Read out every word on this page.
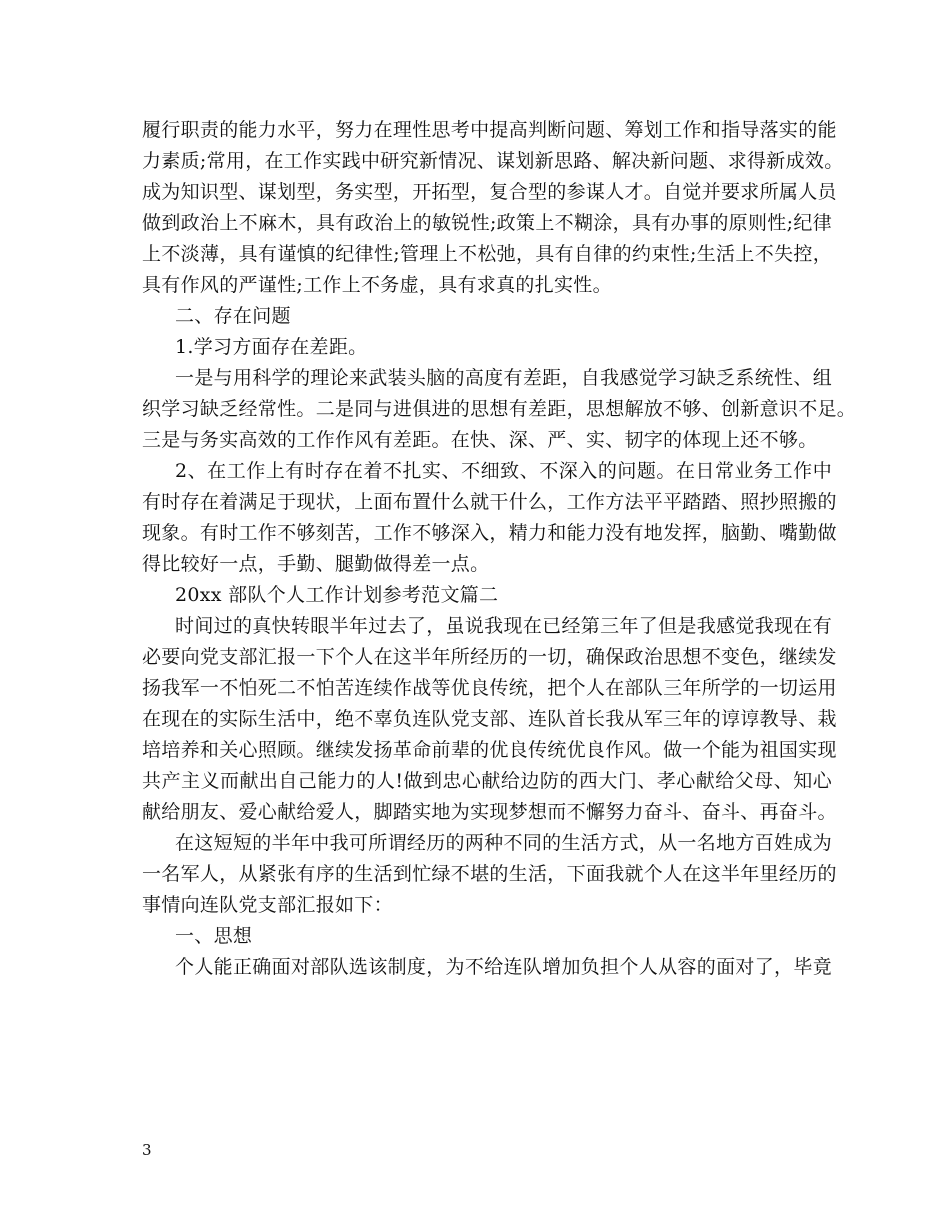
履行职责的能力水平，努力在理性思考中提高判断问题、筹划工作和指导落实的能
力素质;常用，在工作实践中研究新情况、谋划新思路、解决新问题、求得新成效。
成为知识型、谋划型，务实型，开拓型，复合型的参谋人才。自觉并要求所属人员
做到政治上不麻木，具有政治上的敏锐性;政策上不糊涂，具有办事的原则性;纪律
上不淡薄，具有谨慎的纪律性;管理上不松弛，具有自律的约束性;生活上不失控，
具有作风的严谨性;工作上不务虚，具有求真的扎实性。
二、存在问题
1.学习方面存在差距。
一是与用科学的理论来武装头脑的高度有差距，自我感觉学习缺乏系统性、组
织学习缺乏经常性。二是同与进俱进的思想有差距，思想解放不够、创新意识不足。
三是与务实高效的工作作风有差距。在快、深、严、实、韧字的体现上还不够。
2、在工作上有时存在着不扎实、不细致、不深入的问题。在日常业务工作中
有时存在着满足于现状，上面布置什么就干什么，工作方法平平踏踏、照抄照搬的
现象。有时工作不够刻苦，工作不够深入，精力和能力没有地发挥，脑勤、嘴勤做
得比较好一点，手勤、腿勤做得差一点。
20xx 部队个人工作计划参考范文篇二
时间过的真快转眼半年过去了，虽说我现在已经第三年了但是我感觉我现在有
必要向党支部汇报一下个人在这半年所经历的一切，确保政治思想不变色，继续发
扬我军一不怕死二不怕苦连续作战等优良传统，把个人在部队三年所学的一切运用
在现在的实际生活中，绝不辜负连队党支部、连队首长我从军三年的谆谆教导、栽
培培养和关心照顾。继续发扬革命前辈的优良传统优良作风。做一个能为祖国实现
共产主义而献出自己能力的人!做到忠心献给边防的西大门、孝心献给父母、知心
献给朋友、爱心献给爱人，脚踏实地为实现梦想而不懈努力奋斗、奋斗、再奋斗。
在这短短的半年中我可所谓经历的两种不同的生活方式，从一名地方百姓成为
一名军人，从紧张有序的生活到忙绿不堪的生活，下面我就个人在这半年里经历的
事情向连队党支部汇报如下：
一、思想
个人能正确面对部队选该制度，为不给连队增加负担个人从容的面对了，毕竟
3
